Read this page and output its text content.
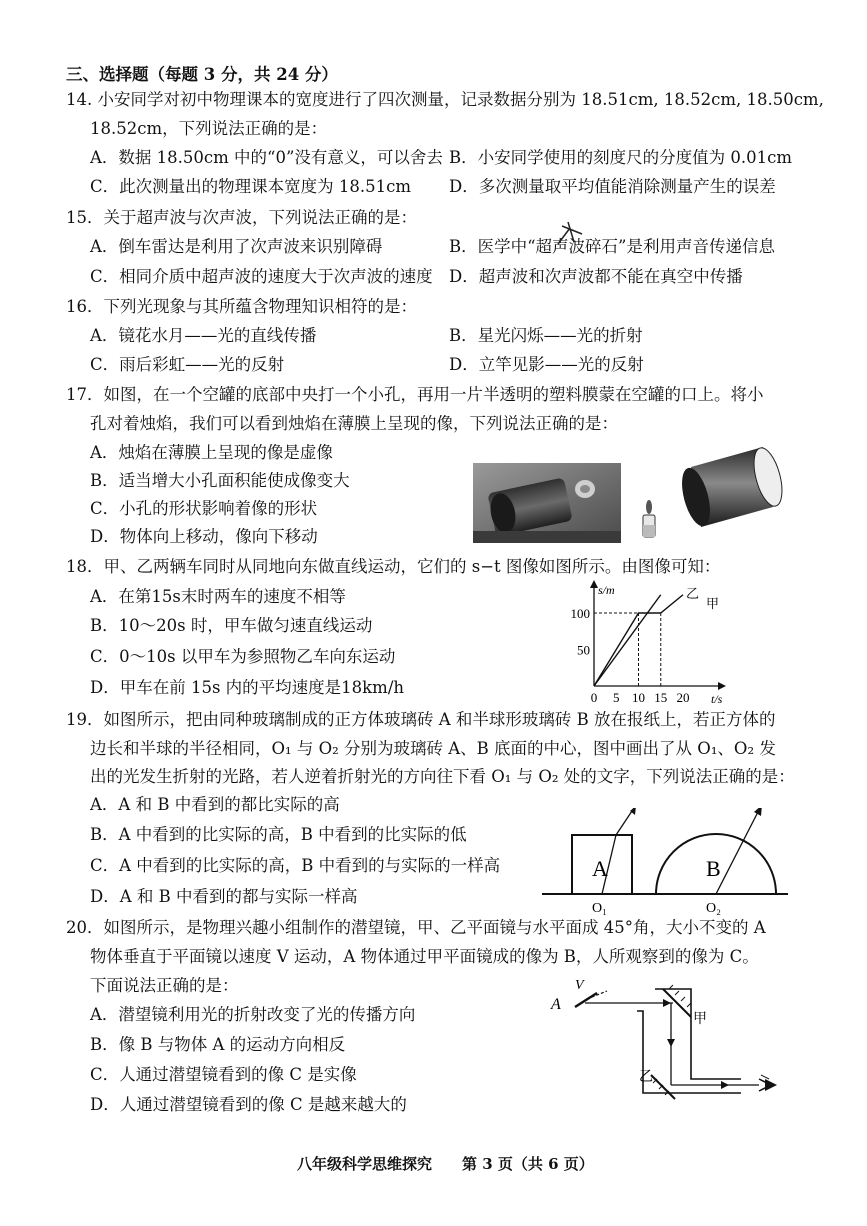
三、选择题（每题 3 分，共 24 分）
14. 小安同学对初中物理课本的宽度进行了四次测量，记录数据分别为 18.51cm, 18.52cm, 18.50cm,
18.52cm，下列说法正确的是：
A．数据 18.50cm 中的“0”没有意义，可以舍去 B．小安同学使用的刻度尺的分度值为 0.01cm
C．此次测量出的物理课本宽度为 18.51cm D．多次测量取平均值能消除测量产生的误差
15．关于超声波与次声波，下列说法正确的是：
A．倒车雷达是利用了次声波来识别障碍	B．医学中“超声波碎石”是利用声音传递信息
C．相同介质中超声波的速度大于次声波的速度 D．超声波和次声波都不能在真空中传播
16．下列光现象与其所蕴含物理知识相符的是：
A．镜花水月——光的直线传播	B．星光闪烁——光的折射
C．雨后彩虹——光的反射	D．立竿见影——光的反射
17．如图，在一个空罐的底部中央打一个小孔，再用一片半透明的塑料膜蒙在空罐的口上。将小
孔对着烛焰，我们可以看到烛焰在薄膜上呈现的像，下列说法正确的是：
A．烛焰在薄膜上呈现的像是虚像
B．适当增大小孔面积能使成像变大
C．小孔的形状影响着像的形状
D．物体向上移动，像向下移动
18．甲、乙两辆车同时从同地向东做直线运动，它们的 s−t 图像如图所示。由图像可知：
A．在第15s末时两车的速度不相等
B．10～20s 时，甲车做匀速直线运动
C．0～10s 以甲车为参照物乙车向东运动
D．甲车在前 15s 内的平均速度是18km/h
19．如图所示，把由同种玻璃制成的正方体玻璃砖 A 和半球形玻璃砖 B 放在报纸上，若正方体的
边长和半球的半径相同，O₁ 与 O₂ 分别为玻璃砖 A、B 底面的中心，图中画出了从 O₁、O₂ 发
出的光发生折射的光路，若人逆着折射光的方向往下看 O₁ 与 O₂ 处的文字，下列说法正确的是：
A．A 和 B 中看到的都比实际的高
B．A 中看到的比实际的高，B 中看到的比实际的低
C．A 中看到的比实际的高，B 中看到的与实际的一样高
D．A 和 B 中看到的都与实际一样高
20．如图所示，是物理兴趣小组制作的潜望镜，甲、乙平面镜与水平面成 45°角，大小不变的 A
物体垂直于平面镜以速度 V 运动，A 物体通过甲平面镜成的像为 B，人所观察到的像为 C。
下面说法正确的是：
A．潜望镜利用光的折射改变了光的传播方向
B．像 B 与物体 A 的运动方向相反
C．人通过潜望镜看到的像 C 是实像
D．人通过潜望镜看到的像 C 是越来越大的
八年级科学思维探究　　第 3 页（共 6 页）
s/m
t/s
100
50
0 5 10 15 20
乙
甲
A	B
O₁	O₂
V
A
甲
乙
